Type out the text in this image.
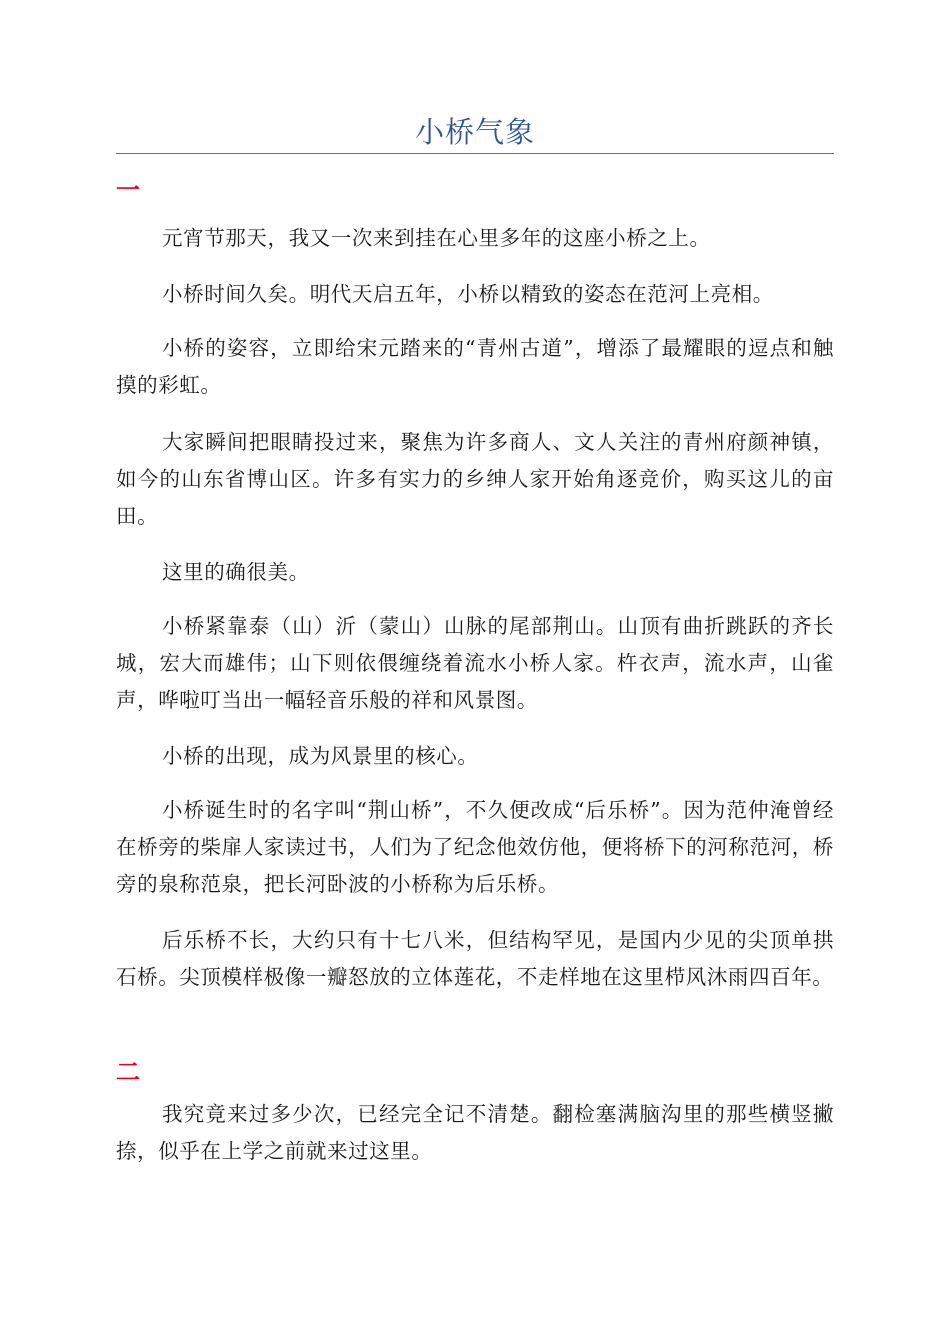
小桥气象
一

元宵节那天，我又一次来到挂在心里多年的这座小桥之上。

小桥时间久矣。明代天启五年，小桥以精致的姿态在范河上亮相。

小桥的姿容，立即给宋元踏来的“青州古道”，增添了最耀眼的逗点和触摸的彩虹。

大家瞬间把眼睛投过来，聚焦为许多商人、文人关注的青州府颜神镇，如今的山东省博山区。许多有实力的乡绅人家开始角逐竞价，购买这儿的亩田。

这里的确很美。

小桥紧靠泰（山）沂（蒙山）山脉的尾部荆山。山顶有曲折跳跃的齐长城，宏大而雄伟；山下则依偎缠绕着流水小桥人家。杵衣声，流水声，山雀声，哗啦叮当出一幅轻音乐般的祥和风景图。

小桥的出现，成为风景里的核心。

小桥诞生时的名字叫“荆山桥”，不久便改成“后乐桥”。因为范仲淹曾经在桥旁的柴扉人家读过书，人们为了纪念他效仿他，便将桥下的河称范河，桥旁的泉称范泉，把长河卧波的小桥称为后乐桥。

后乐桥不长，大约只有十七八米，但结构罕见，是国内少见的尖顶单拱石桥。尖顶模样极像一瓣怒放的立体莲花，不走样地在这里栉风沐雨四百年。

二

我究竟来过多少次，已经完全记不清楚。翻检塞满脑沟里的那些横竖撇捺，似乎在上学之前就来过这里。
